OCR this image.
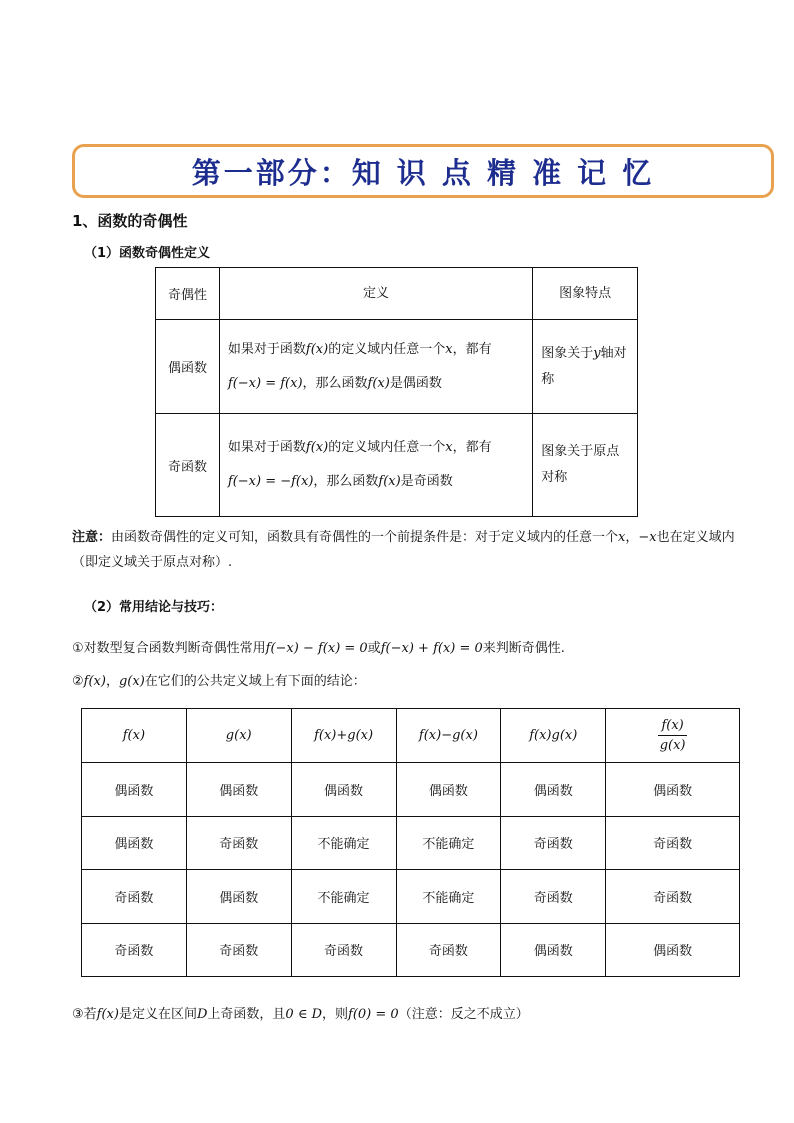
第一部分：知 识 点 精 准 记 忆
1、函数的奇偶性
（1）函数奇偶性定义
奇偶性	定义	图象特点
偶函数	如果对于函数f(x)的定义域内任意一个x，都有
f(−x) = f(x)，那么函数f(x)是偶函数	图象关于y轴对称
奇函数	如果对于函数f(x)的定义域内任意一个x，都有
f(−x) = −f(x)，那么函数f(x)是奇函数	图象关于原点对称
注意：由函数奇偶性的定义可知，函数具有奇偶性的一个前提条件是：对于定义域内的任意一个x，−x也在定义域内（即定义域关于原点对称）.
（2）常用结论与技巧：
①对数型复合函数判断奇偶性常用f(−x) − f(x) = 0或f(−x) + f(x) = 0来判断奇偶性.
②f(x)，g(x)在它们的公共定义域上有下面的结论：
f(x)	g(x)	f(x)+g(x)	f(x)−g(x)	f(x)g(x)	$\frac{f(x)}{g(x)}$

偶函数	偶函数	偶函数	偶函数	偶函数	偶函数
偶函数	奇函数	不能确定	不能确定	奇函数	奇函数
奇函数	偶函数	不能确定	不能确定	奇函数	奇函数
奇函数	奇函数	奇函数	奇函数	偶函数	偶函数
③若f(x)是定义在区间D上奇函数，且0 ∈ D，则f(0) = 0（注意：反之不成立）
